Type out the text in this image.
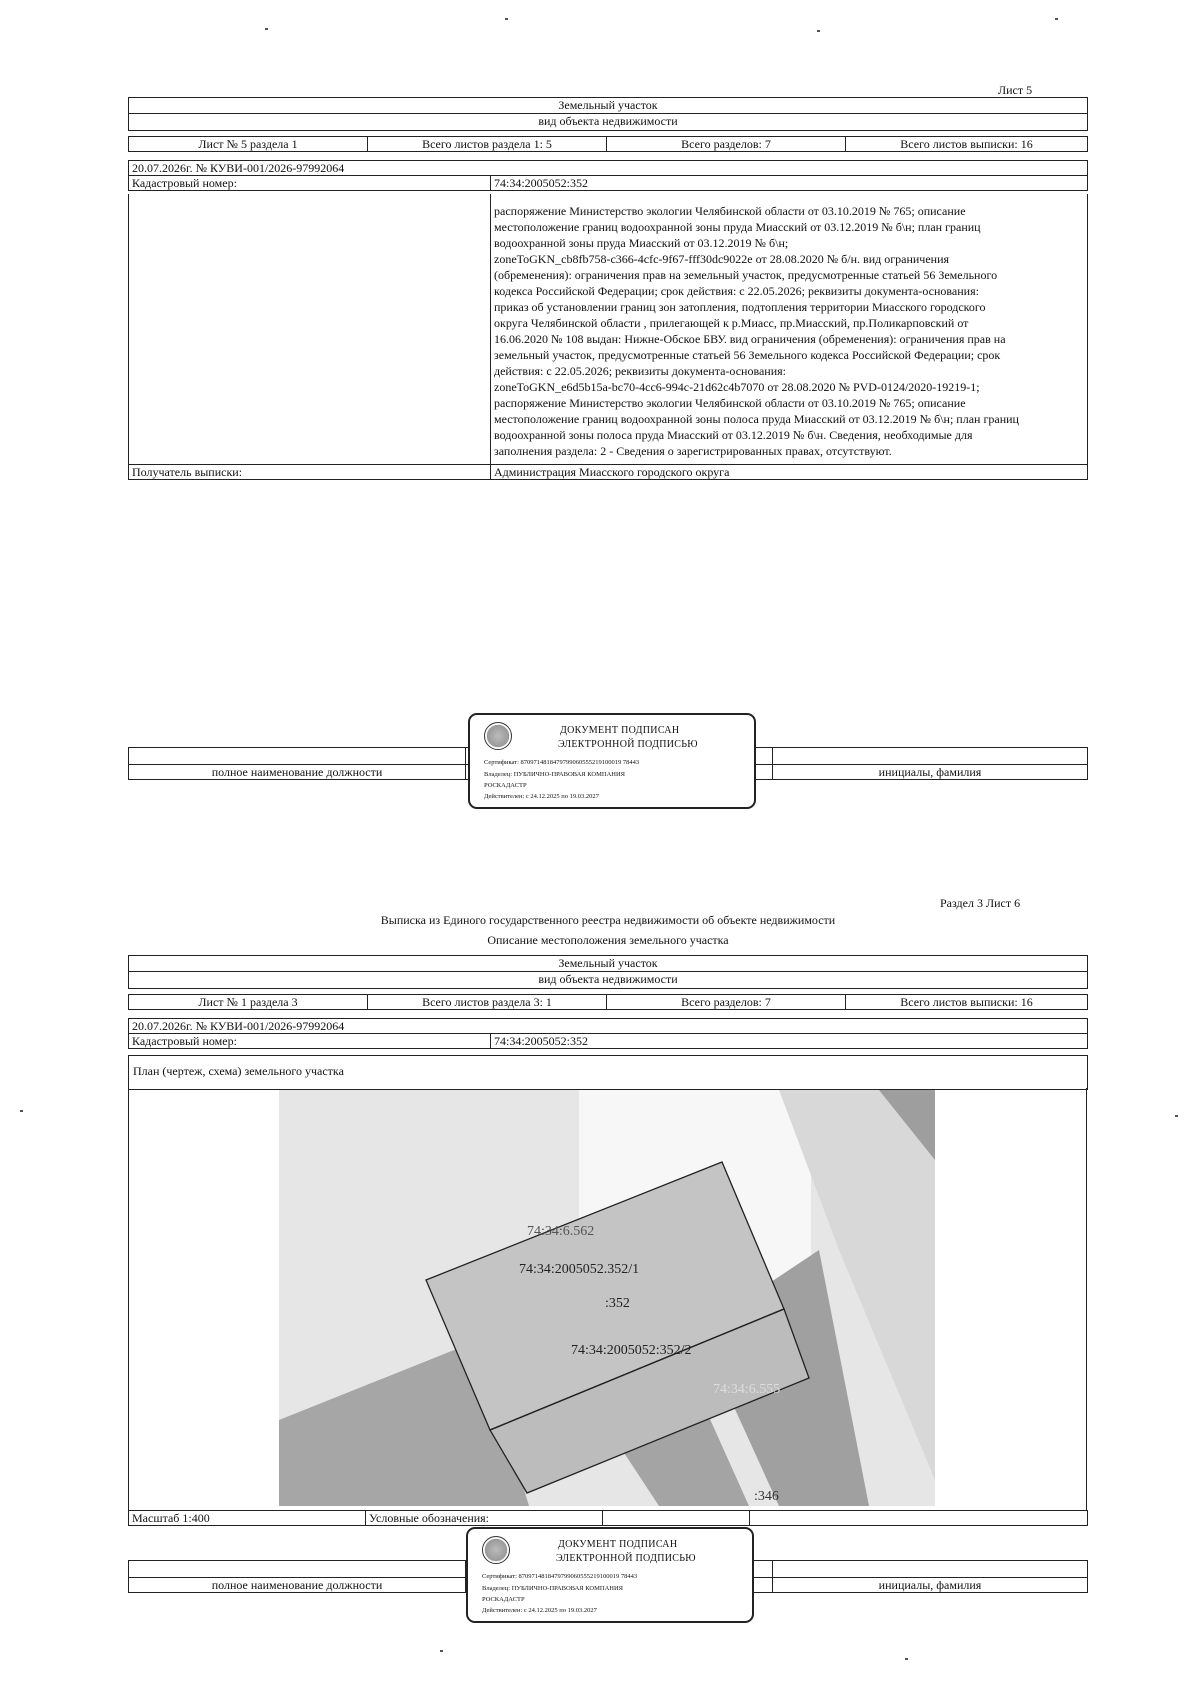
Лист 5
Земельный участок
вид объекта недвижимости
Лист № 5 раздела 1	Всего листов раздела 1: 5	Всего разделов: 7	Всего листов выписки: 16
20.07.2026г. № КУВИ-001/2026-97992064
Кадастровый номер:	74:34:2005052:352

распоряжение Министерство экологии Челябинской области от 03.10.2019 № 765; описание

местоположение границ водоохранной зоны пруда Миасский от 03.12.2019 № б\н; план границ

водоохранной зоны пруда Миасский от 03.12.2019 № б\н;

zoneToGKN_cb8fb758-c366-4cfc-9f67-fff30dc9022e от 28.08.2020 № б/н. вид ограничения

(обременения): ограничения прав на земельный участок, предусмотренные статьей 56 Земельного

кодекса Российской Федерации; срок действия: с 22.05.2026; реквизиты документа-основания:

приказ об установлении границ зон затопления, подтопления территории Миасского городского

округа Челябинской области , прилегающей к р.Миасс, пр.Миасский, пр.Поликарповский от

16.06.2020 № 108 выдан: Нижне-Обское БВУ. вид ограничения (обременения): ограничения прав на

земельный участок, предусмотренные статьей 56 Земельного кодекса Российской Федерации; срок

действия: с 22.05.2026; реквизиты документа-основания:

zoneToGKN_e6d5b15a-bc70-4cc6-994c-21d62c4b7070 от 28.08.2020 № PVD-0124/2020-19219-1;

распоряжение Министерство экологии Челябинской области от 03.10.2019 № 765; описание

местоположение границ водоохранной зоны полоса пруда Миасский от 03.12.2019 № б\н; план границ

водоохранной зоны полоса пруда Миасский от 03.12.2019 № б\н. Сведения, необходимые для

заполнения раздела: 2 - Сведения о зарегистрированных правах, отсутствуют.

Получатель выписки:	Администрация Миасского городского округа

полное наименование должности		инициалы, фамилия
ДОКУМЕНТ ПОДПИСАН
ЭЛЕКТРОННОЙ ПОДПИСЬЮ
Сертификат: 8709714818479799060555219100019 78443
Владелец: ПУБЛИЧНО-ПРАВОВАЯ КОМПАНИЯ
РОСКАДАСТР
Действителен: с 24.12.2025 по 19.03.2027
Раздел 3 Лист 6
Выписка из Единого государственного реестра недвижимости об объекте недвижимости
Описание местоположения земельного участка
Земельный участок
вид объекта недвижимости
Лист № 1 раздела 3	Всего листов раздела 3: 1	Всего разделов: 7	Всего листов выписки: 16
20.07.2026г. № КУВИ-001/2026-97992064
Кадастровый номер:	74:34:2005052:352
План (чертеж, схема) земельного участка
74:34:6.562
74:34:2005052.352/1
:352
74:34:2005052:352/2
74:34:6.555
:346
Масштаб 1:400	Условные обозначения:		

полное наименование должности		инициалы, фамилия
ДОКУМЕНТ ПОДПИСАН
ЭЛЕКТРОННОЙ ПОДПИСЬЮ
Сертификат: 8709714818479799060555219100019 78443
Владелец: ПУБЛИЧНО-ПРАВОВАЯ КОМПАНИЯ
РОСКАДАСТР
Действителен: с 24.12.2025 по 19.03.2027
